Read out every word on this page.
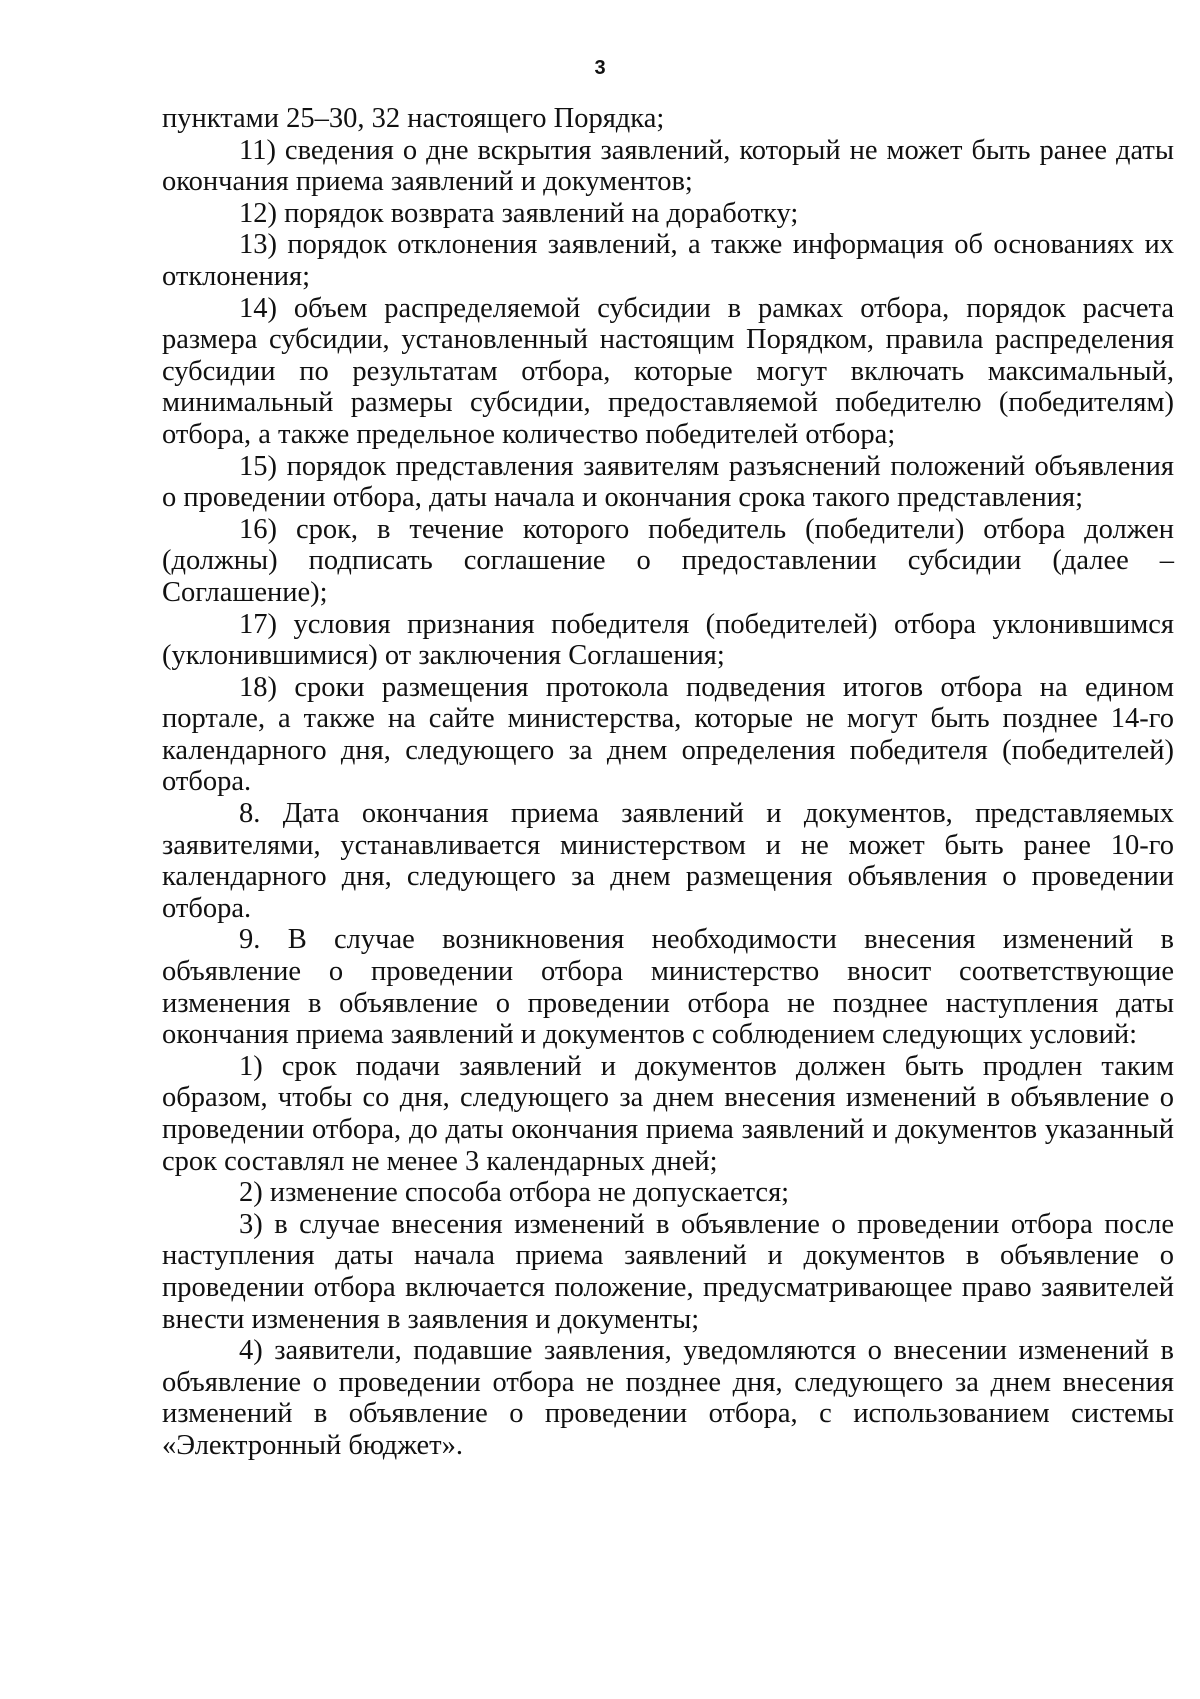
3

пунктами 25–30, 32 настоящего Порядка;

11) сведения о дне вскрытия заявлений, который не может быть ранее даты окончания приема заявлений и документов;

12) порядок возврата заявлений на доработку;

13) порядок отклонения заявлений, а также информация об основаниях их отклонения;

14) объем распределяемой субсидии в рамках отбора, порядок расчета размера субсидии, установленный настоящим Порядком, правила распределения субсидии по результатам отбора, которые могут включать максимальный, минимальный размеры субсидии, предоставляемой победителю (победителям) отбора, а также предельное количество победителей отбора;

15) порядок представления заявителям разъяснений положений объявления о проведении отбора, даты начала и окончания срока такого представления;

16) срок, в течение которого победитель (победители) отбора должен (должны) подписать соглашение о предоставлении субсидии (далее – Соглашение);

17) условия признания победителя (победителей) отбора уклонившимся (уклонившимися) от заключения Соглашения;

18) сроки размещения протокола подведения итогов отбора на едином портале, а также на сайте министерства, которые не могут быть позднее 14-го календарного дня, следующего за днем определения победителя (победителей) отбора.

8. Дата окончания приема заявлений и документов, представляемых заявителями, устанавливается министерством и не может быть ранее 10-го календарного дня, следующего за днем размещения объявления о проведении отбора.

9. В случае возникновения необходимости внесения изменений в объявление о проведении отбора министерство вносит соответствующие изменения в объявление о проведении отбора не позднее наступления даты окончания приема заявлений и документов с соблюдением следующих условий:

1) срок подачи заявлений и документов должен быть продлен таким образом, чтобы со дня, следующего за днем внесения изменений в объявление о проведении отбора, до даты окончания приема заявлений и документов указанный срок составлял не менее 3 календарных дней;

2) изменение способа отбора не допускается;

3) в случае внесения изменений в объявление о проведении отбора после наступления даты начала приема заявлений и документов в объявление о проведении отбора включается положение, предусматривающее право заявителей внести изменения в заявления и документы;

4) заявители, подавшие заявления, уведомляются о внесении изменений в объявление о проведении отбора не позднее дня, следующего за днем внесения изменений в объявление о проведении отбора, с использованием системы «Электронный бюджет».
